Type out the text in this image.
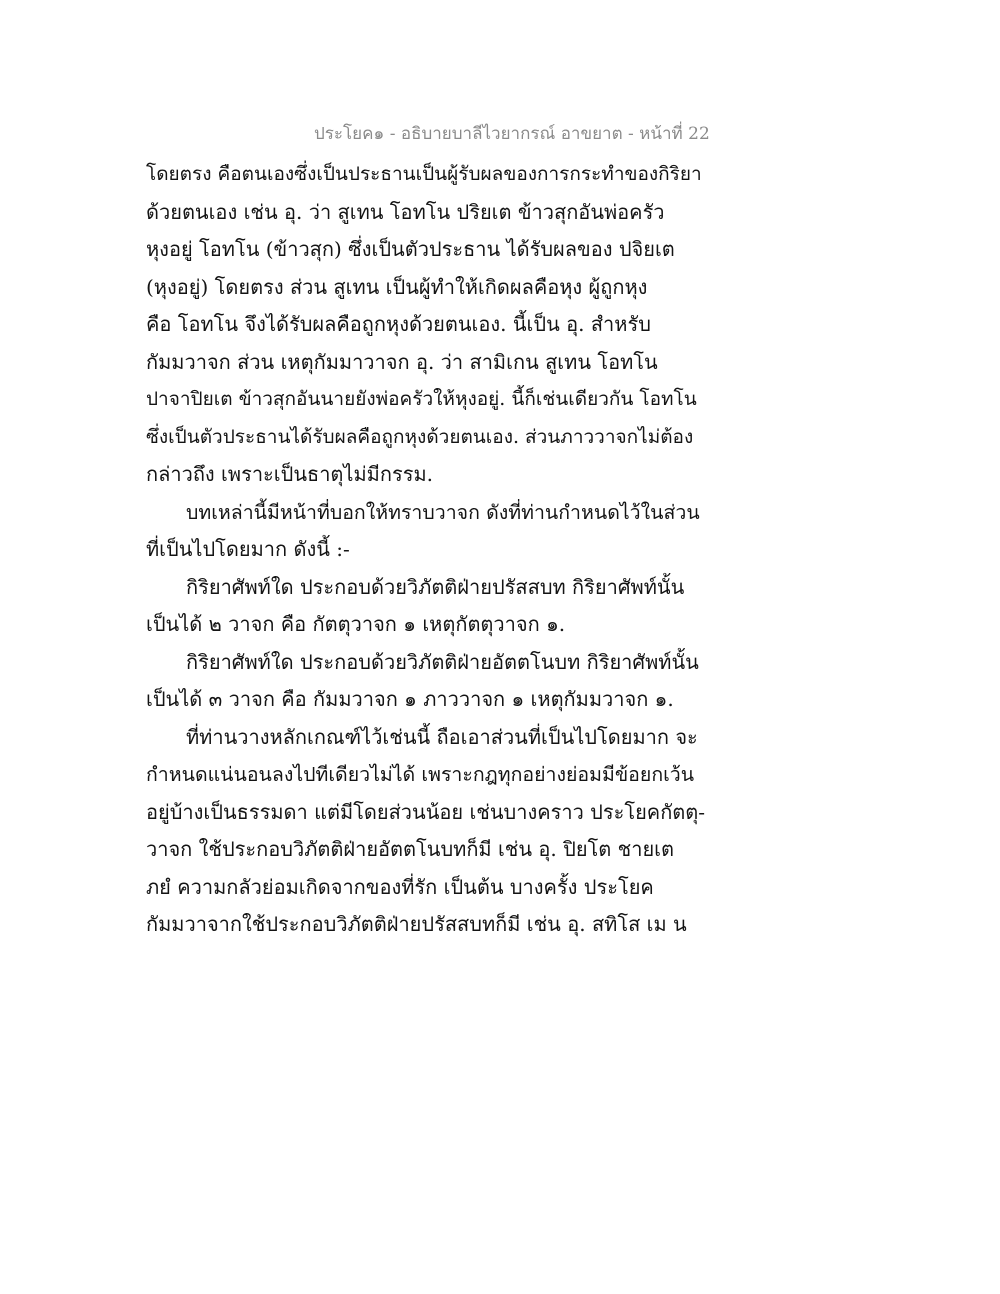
ประโยค๑ - อธิบายบาลีไวยากรณ์ อาขยาต - หน้าที่ 22
โดยตรง คือตนเองซึ่งเป็นประธานเป็นผู้รับผลของการกระทำของกิริยา
ด้วยตนเอง เช่น อุ. ว่า สูเทน โอทโน ปริยเต ข้าวสุกอันพ่อครัว
หุงอยู่ โอทโน (ข้าวสุก) ซึ่งเป็นตัวประธาน ได้รับผลของ ปจิยเต
(หุงอยู่) โดยตรง ส่วน สูเทน เป็นผู้ทำให้เกิดผลคือหุง ผู้ถูกหุง
คือ โอทโน จึงได้รับผลคือถูกหุงด้วยตนเอง. นี้เป็น อุ. สำหรับ
กัมมวาจก ส่วน เหตุกัมมาวาจก อุ. ว่า สามิเกน สูเทน โอทโน
ปาจาปิยเต ข้าวสุกอันนายยังพ่อครัวให้หุงอยู่. นี้ก็เช่นเดียวกัน โอทโน
ซึ่งเป็นตัวประธานได้รับผลคือถูกหุงด้วยตนเอง. ส่วนภาววาจกไม่ต้อง
กล่าวถึง เพราะเป็นธาตุไม่มีกรรม.
บทเหล่านี้มีหน้าที่บอกให้ทราบวาจก ดังที่ท่านกำหนดไว้ในส่วน
ที่เป็นไปโดยมาก ดังนี้ :-
กิริยาศัพท์ใด ประกอบด้วยวิภัตติฝ่ายปรัสสบท กิริยาศัพท์นั้น
เป็นได้ ๒ วาจก คือ กัตตุวาจก ๑ เหตุกัตตุวาจก ๑.
กิริยาศัพท์ใด ประกอบด้วยวิภัตติฝ่ายอัตตโนบท กิริยาศัพท์นั้น
เป็นได้ ๓ วาจก คือ กัมมวาจก ๑ ภาววาจก ๑ เหตุกัมมวาจก ๑.
ที่ท่านวางหลักเกณฑ์ไว้เช่นนี้ ถือเอาส่วนที่เป็นไปโดยมาก จะ
กำหนดแน่นอนลงไปทีเดียวไม่ได้ เพราะกฎทุกอย่างย่อมมีข้อยกเว้น
อยู่บ้างเป็นธรรมดา แต่มีโดยส่วนน้อย เช่นบางคราว ประโยคกัตตุ-
วาจก ใช้ประกอบวิภัตติฝ่ายอัตตโนบทก็มี เช่น อุ. ปิยโต ชายเต
ภยํ ความกลัวย่อมเกิดจากของที่รัก เป็นต้น บางครั้ง ประโยค
กัมมวาจากใช้ประกอบวิภัตติฝ่ายปรัสสบทก็มี เช่น อุ. สทิโส เม น
